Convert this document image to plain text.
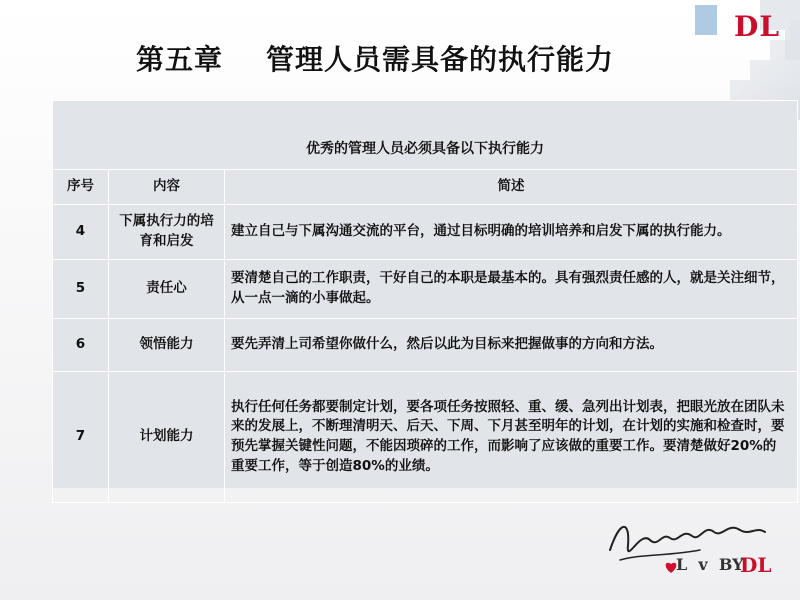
DL
第五章    管理人员需具备的执行能力
优秀的管理人员必须具备以下执行能力		
序号	内容	简述
4	下属执行力的培育和启发	建立自己与下属沟通交流的平台，通过目标明确的培训培养和启发下属的执行能力。
5	责任心	要清楚自己的工作职责，干好自己的本职是最基本的。具有强烈责任感的人，就是关注细节，从一点一滴的小事做起。
6	领悟能力	要先弄清上司希望你做什么，然后以此为目标来把握做事的方向和方法。
7	计划能力	执行任何任务都要制定计划，要各项任务按照轻、重、缓、急列出计划表，把眼光放在团队未来的发展上，不断理清明天、后天、下周、下月甚至明年的计划，在计划的实施和检查时，要预先掌握关键性问题，不能因琐碎的工作，而影响了应该做的重要工作。要清楚做好20%的重要工作，等于创造80%的业绩。
L  v  BY
DL
